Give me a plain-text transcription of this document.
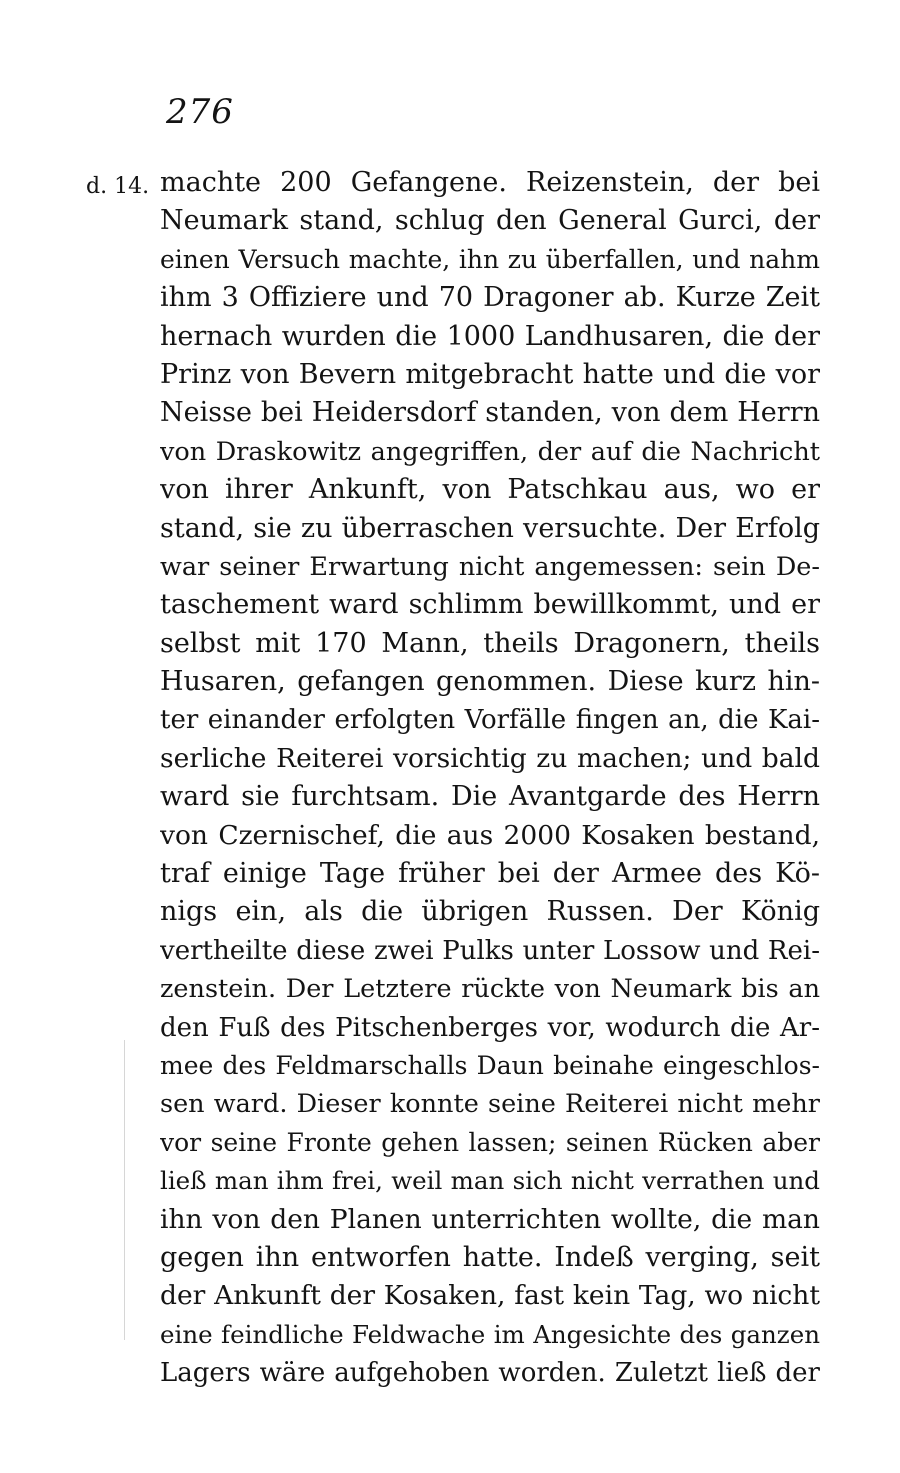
276
d. 14. machte 200 Gefangene. Reizenstein, der bei
Neumark stand, schlug den General Gurci, der
einen Versuch machte, ihn zu überfallen, und nahm
ihm 3 Offiziere und 70 Dragoner ab. Kurze Zeit
hernach wurden die 1000 Landhusaren, die der
Prinz von Bevern mitgebracht hatte und die vor
Neisse bei Heidersdorf standen, von dem Herrn
von Draskowitz angegriffen, der auf die Nachricht
von ihrer Ankunft, von Patschkau aus, wo er
stand, sie zu überraschen versuchte. Der Erfolg
war seiner Erwartung nicht angemessen: sein De-
taschement ward schlimm bewillkommt, und er
selbst mit 170 Mann, theils Dragonern, theils
Husaren, gefangen genommen. Diese kurz hin-
ter einander erfolgten Vorfälle fingen an, die Kai-
serliche Reiterei vorsichtig zu machen; und bald
ward sie furchtsam. Die Avantgarde des Herrn
von Czernischef, die aus 2000 Kosaken bestand,
traf einige Tage früher bei der Armee des Kö-
nigs ein, als die übrigen Russen. Der König
vertheilte diese zwei Pulks unter Lossow und Rei-
zenstein. Der Letztere rückte von Neumark bis an
den Fuß des Pitschenberges vor, wodurch die Ar-
mee des Feldmarschalls Daun beinahe eingeschlos-
sen ward. Dieser konnte seine Reiterei nicht mehr
vor seine Fronte gehen lassen; seinen Rücken aber
ließ man ihm frei, weil man sich nicht verrathen und
ihn von den Planen unterrichten wollte, die man
gegen ihn entworfen hatte. Indeß verging, seit
der Ankunft der Kosaken, fast kein Tag, wo nicht
eine feindliche Feldwache im Angesichte des ganzen
Lagers wäre aufgehoben worden. Zuletzt ließ der
